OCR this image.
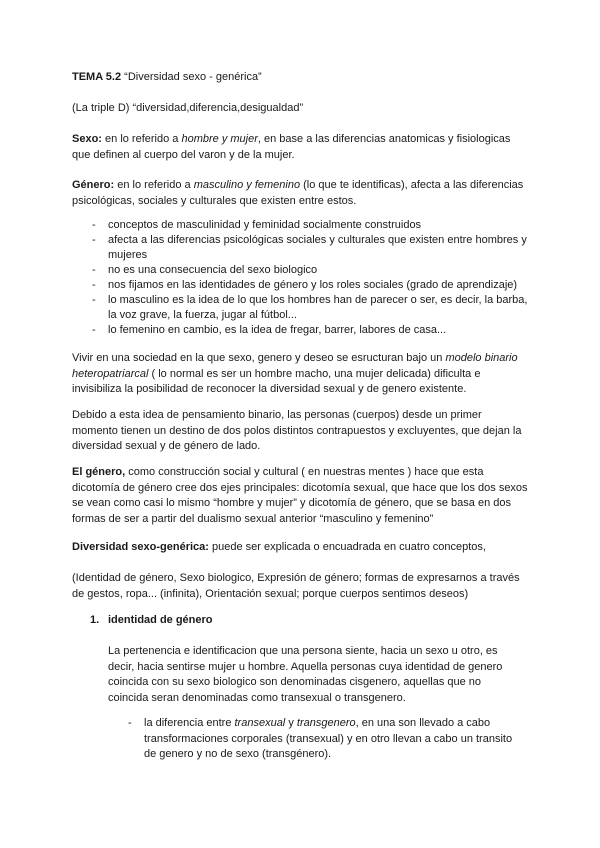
TEMA 5.2 “Diversidad sexo - genérica”

(La triple D) “diversidad,diferencia,desigualdad”

Sexo: en lo referido a hombre y mujer, en base a las diferencias anatomicas y fisiologicas que definen al cuerpo del varon y de la mujer.

Género: en lo referido a masculino y femenino (lo que te identificas), afecta a las diferencias psicológicas, sociales y culturales que existen entre estos.

- conceptos de masculinidad y feminidad socialmente construidos
- afecta a las diferencias psicológicas sociales y culturales que existen entre hombres y mujeres
- no es una consecuencia del sexo biologico
- nos fijamos en las identidades de género y los roles sociales (grado de aprendizaje)
- lo masculino es la idea de lo que los hombres han de parecer o ser, es decir, la barba, la voz grave, la fuerza, jugar al fútbol...
- lo femenino en cambio, es la idea de fregar, barrer, labores de casa...

Vivir en una sociedad en la que sexo, genero y deseo se esructuran bajo un modelo binario heteropatriarcal ( lo normal es ser un hombre macho, una mujer delicada) dificulta e invisibiliza la posibilidad de reconocer la diversidad sexual y de genero existente.

Debido a esta idea de pensamiento binario, las personas (cuerpos) desde un primer momento tienen un destino de dos polos distintos contrapuestos y excluyentes, que dejan la diversidad sexual y de género de lado.

El género, como construcción social y cultural ( en nuestras mentes ) hace que esta dicotomía de género cree dos ejes principales: dicotomía sexual, que hace que los dos sexos se vean como casi lo mismo “hombre y mujer” y dicotomía de género, que se basa en dos formas de ser a partir del dualismo sexual anterior “masculino y femenino”

Diversidad sexo-genérica: puede ser explicada o encuadrada en cuatro conceptos,

(Identidad de género, Sexo biologico, Expresión de género; formas de expresarnos a través de gestos, ropa... (infinita), Orientación sexual; porque cuerpos sentimos deseos)

1. identidad de género

La pertenencia e identificacion que una persona siente, hacia un sexo u otro, es decir, hacia sentirse mujer u hombre. Aquella personas cuya identidad de genero coincida con su sexo biologico son denominadas cisgenero, aquellas que no coincida seran denominadas como transexual o transgenero.

- la diferencia entre transexual y transgenero, en una son llevado a cabo transformaciones corporales (transexual) y en otro llevan a cabo un transito de genero y no de sexo (transgénero).
